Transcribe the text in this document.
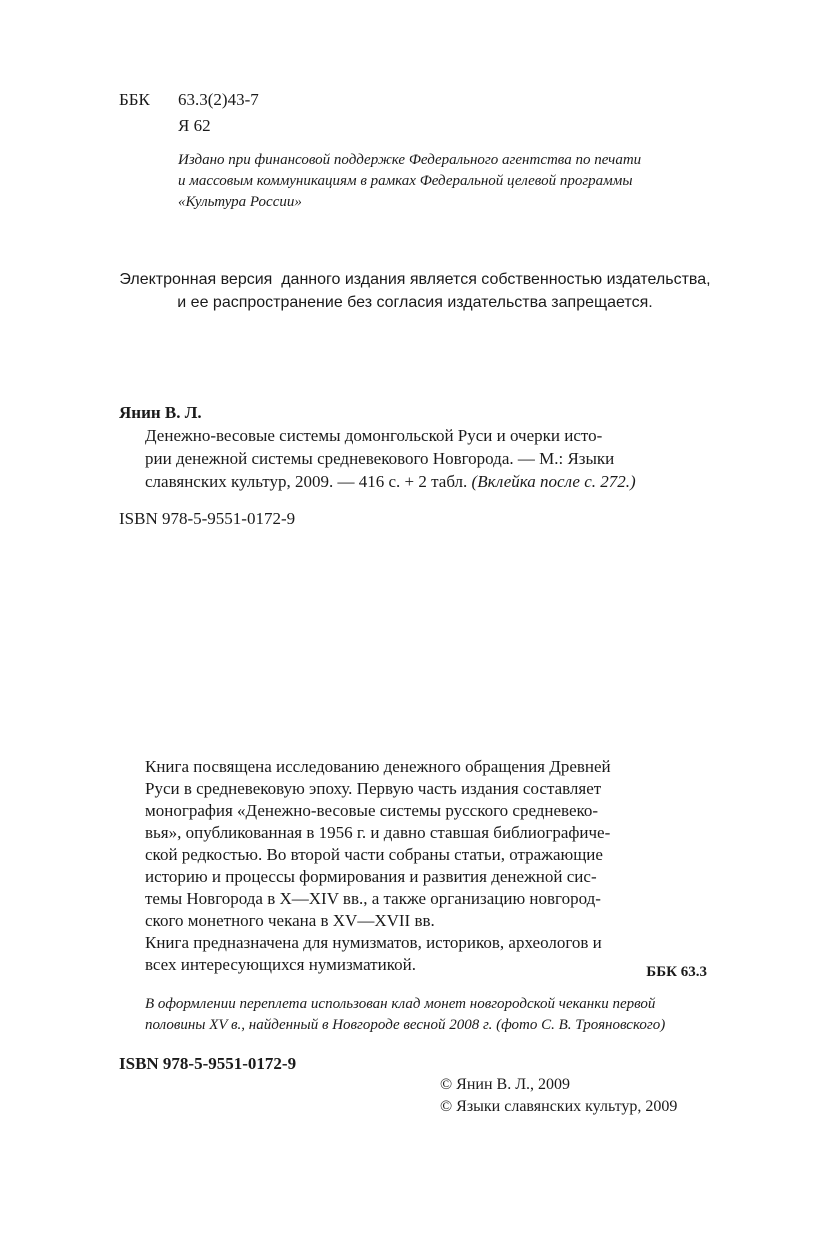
ББК 63.3(2)43-7
Я 62

Издано при финансовой поддержке Федерального агентства по печати

и массовым коммуникациям в рамках Федеральной целевой программы

«Культура России»

Электронная версия  данного издания является собственностью издательства,

и ее распространение без согласия издательства запрещается.

Янин В. Л.

Денежно-весовые системы домонгольской Руси и очерки исто-

рии денежной системы средневекового Новгорода. — М.: Языки

славянских культур, 2009. — 416 с. + 2 табл. (Вклейка после с. 272.)

ISBN 978-5-9551-0172-9

Книга посвящена исследованию денежного обращения Древней

Руси в средневековую эпоху. Первую часть издания составляет

монография «Денежно-весовые системы русского средневеко-

вья», опубликованная в 1956 г. и давно ставшая библиографиче-

ской редкостью. Во второй части собраны статьи, отражающие

историю и процессы формирования и развития денежной сис-

темы Новгорода в X—XIV вв., а также организацию новгород-

ского монетного чекана в XV—XVII вв.

Книга предназначена для нумизматов, историков, археологов и

всех интересующихся нумизматикой.	ББК 63.3

В оформлении переплета использован клад монет новгородской чеканки первой

половины XV в., найденный в Новгороде весной 2008 г. (фото С. В. Трояновского)

ISBN 978-5-9551-0172-9

© Янин В. Л., 2009

© Языки славянских культур, 2009
